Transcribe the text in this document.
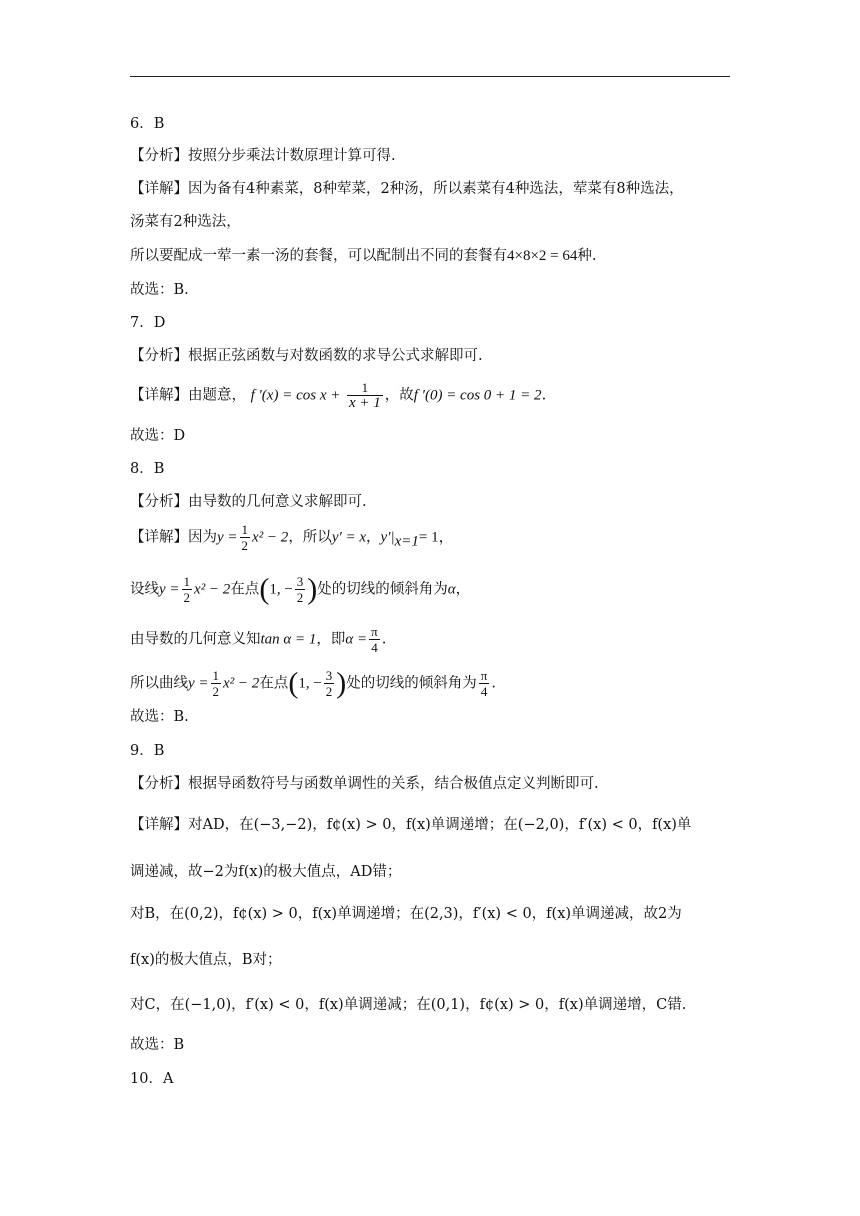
6．B
【分析】按照分步乘法计数原理计算可得.
【详解】因为备有4种素菜，8种荤菜，2种汤，所以素菜有4种选法，荤菜有8种选法，
汤菜有2种选法，
所以要配成一荤一素一汤的套餐，可以配制出不同的套餐有4×8×2 = 64种.
故选：B.
7．D
【分析】根据正弦函数与对数函数的求导公式求解即可.
【详解】由题意， f $'(x) = \cos x + \frac{1}{x + 1}$ ，故f ′(0) = cos 0 + 1 = 2.
故选：D
8．B
【分析】由导数的几何意义求解即可.
【详解】因为$y = \frac{1}{2} x^2 - 2$，所以y′ = x，$y'|_{x=1}= 1$，
设线$y = \frac{1}{2} x^2 - 2$在点(1, − $\frac{3}{2}$ )处的切线的倾斜角为α，
由导数的几何意义知tan α = 1，即$\alpha = \frac{\pi}{4}$ .
所以曲线$y = \frac{1}{2} x^2 - 2$在点(1, − $\frac{3}{2}$ )处的切线的倾斜角为 $\frac{\pi}{4}$ .
故选：B.
9．B
【分析】根据导函数符号与函数单调性的关系，结合极值点定义判断即可.
【详解】对AD，在(−3,−2)，f¢(x) > 0，f(x)单调递增；在(−2,0)，f′(x) < 0，f(x)单
调递减，故−2为f(x)的极大值点，AD错；
对B，在(0,2)，f¢(x) > 0，f(x)单调递增；在(2,3)，f′(x) < 0，f(x)单调递减，故2为
f(x)的极大值点，B对；
对C，在(−1,0)，f′(x) < 0，f(x)单调递减；在(0,1)，f¢(x) > 0，f(x)单调递增，C错.
故选：B
10．A
